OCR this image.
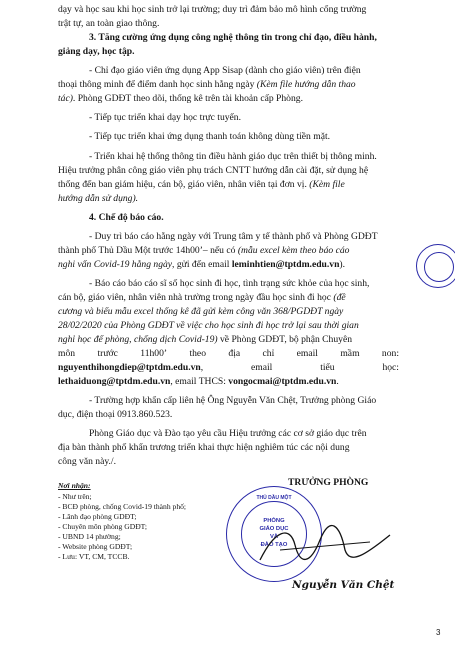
dạy và học sau khi học sinh trở lại trường; duy trì đảm bảo mô hình cổng trường
trật tự, an toàn giao thông.
3. Tăng cường ứng dụng công nghệ thông tin trong chỉ đạo, điều hành,
giảng dạy, học tập.
- Chỉ đạo giáo viên ứng dụng App Sisap (dành cho giáo viên) trên điện
thoại thông minh để điểm danh học sinh hằng ngày (Kèm file hướng dẫn thao
tác). Phòng GDĐT theo dõi, thống kê trên tài khoản cấp Phòng.
- Tiếp tục triển khai dạy học trực tuyến.
- Tiếp tục triển khai ứng dụng thanh toán không dùng tiền mặt.
- Triển khai hệ thống thông tin điều hành giáo dục trên thiết bị thông minh.
Hiệu trưởng phân công giáo viên phụ trách CNTT hướng dẫn cài đặt, sử dụng hệ
thống đến ban giám hiệu, cán bộ, giáo viên, nhân viên tại đơn vị. (Kèm file
hướng dẫn sử dụng).
4. Chế độ báo cáo.
- Duy trì báo cáo hằng ngày với Trung tâm y tế thành phố và Phòng GDĐT
thành phố Thủ Dầu Một trước 14h00’– nếu có (mẫu excel kèm theo báo cáo
nghi vấn Covid-19 hằng ngày, gửi đến email leminhtien@tptdm.edu.vn).
- Báo cáo báo cáo sĩ số học sinh đi học, tình trạng sức khỏe của học sinh,
cán bộ, giáo viên, nhân viên nhà trường trong ngày đầu học sinh đi học (đề
cương và biểu mẫu excel thống kê đã gửi kèm công văn 368/PGDĐT ngày
28/02/2020 của Phòng GDĐT về việc cho học sinh đi học trở lại sau thời gian
nghỉ học để phòng, chống dịch Covid-19) về Phòng GDĐT, bộ phận Chuyên
môn trước 11h00’ theo địa chỉ email mầm non:
nguyenthihongdiep@tptdm.edu.vn,	email	tiểu	học:
lethaiduong@tptdm.edu.vn, email THCS: vongocmai@tptdm.edu.vn.
- Trường hợp khẩn cấp liên hệ Ông Nguyễn Văn Chệt, Trưởng phòng Giáo
dục, điện thoại 0913.860.523.
Phòng Giáo dục và Đào tạo yêu cầu Hiệu trưởng các cơ sở giáo dục trên
địa bàn thành phố khẩn trương triển khai thực hiện nghiêm túc các nội dung
công văn này./.
Nơi nhận:
- Như trên;
- BCĐ phòng, chống Covid-19 thành phố;
- Lãnh đạo phòng GDĐT;
- Chuyên môn phòng GDĐT;
- UBND 14 phường;
- Website phòng GDĐT;
- Lưu: VT, CM, TCCB.
TRƯỞNG PHÒNG
THỦ DẦU MỘT
PHÒNG
GIÁO DỤC
VÀ
ĐÀO TẠO
Nguyễn Văn Chệt
3
